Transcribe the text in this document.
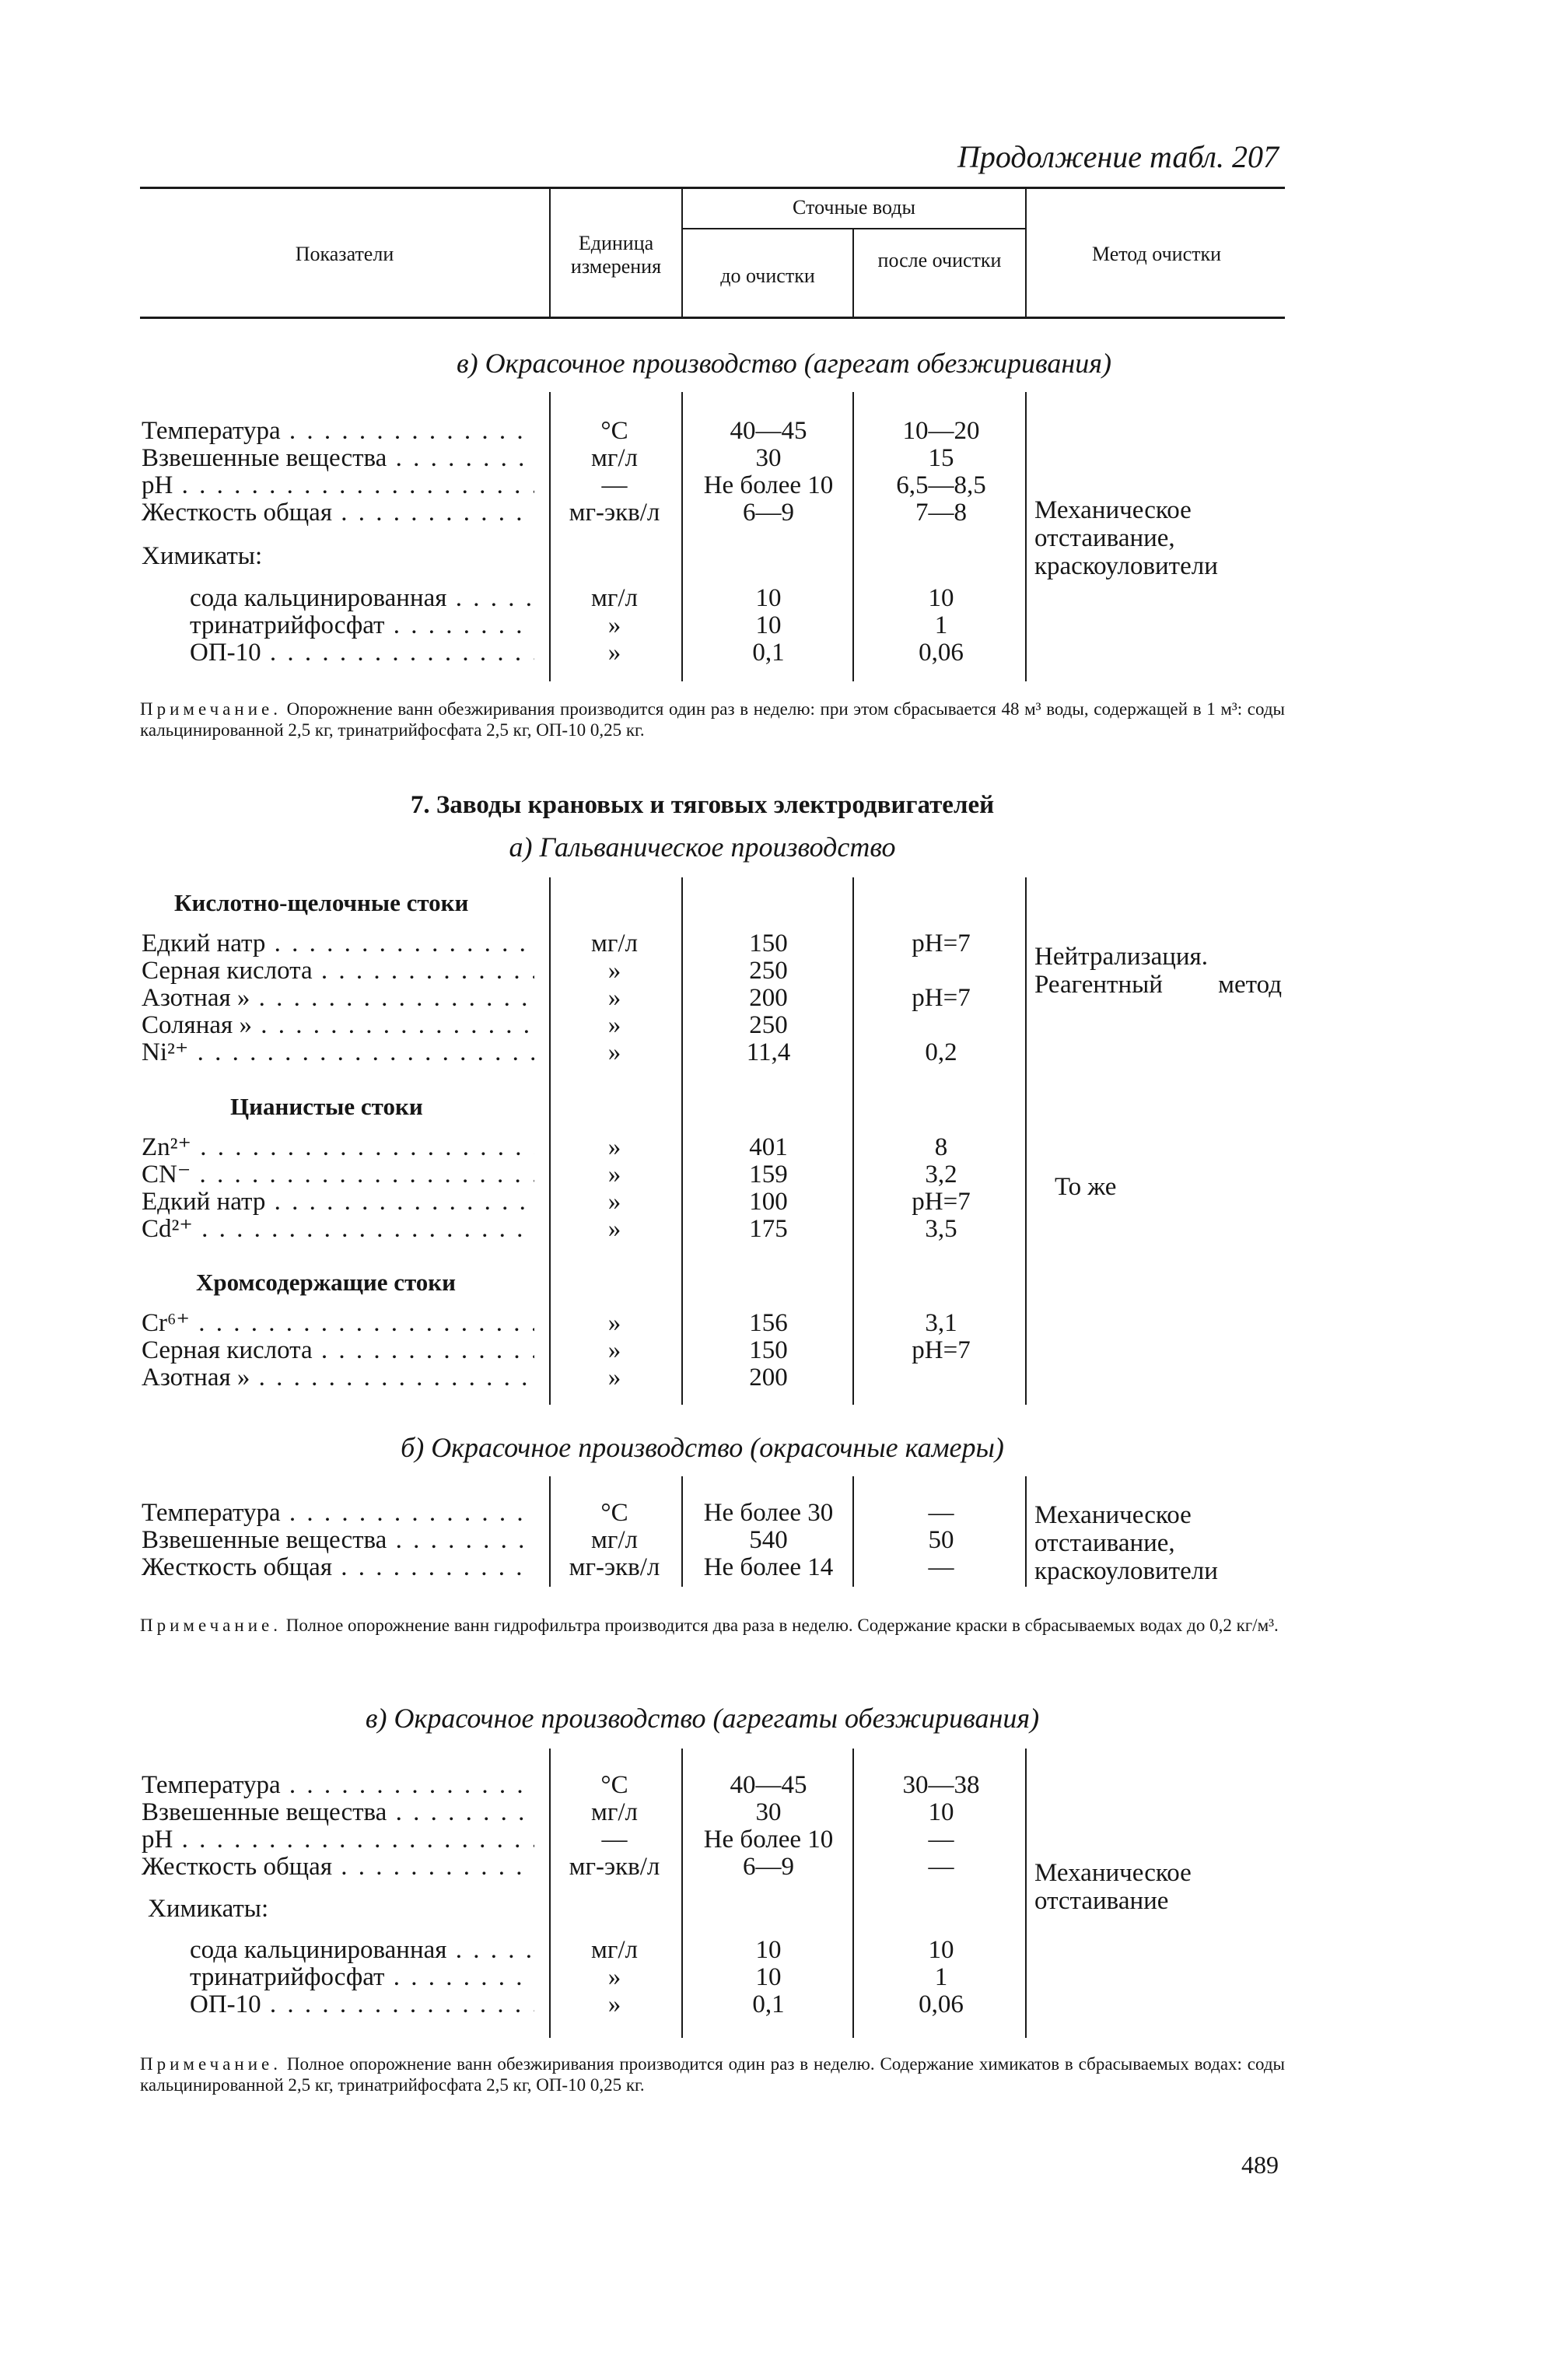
Продолжение табл. 207
Показатели	Единица измерения
Сточные воды
до очистки
после очистки	Метод очистки
в) Окрасочное производство (агрегат обезжиривания)
Температура . . .	°С	40—45	10—20
Взвешенные вещества . . .	мг/л	30	15
pH . . .	—	Не более 10	6,5—8,5
Жесткость общая . . .	мг-экв/л	6—9	7—8
Химикаты:
сода кальцинированная . . .	мг/л	10	10
тринатрийфосфат . . .	»	10	1
ОП-10 . . .	»	0,1	0,06
Механическое отстаивание, краскоуловители
Примечание. Опорожнение ванн обезжиривания производится один раз в неделю: при этом сбрасывается 48 м³ воды, содержащей в 1 м³: соды кальцинированной 2,5 кг, тринатрийфосфата 2,5 кг, ОП-10 0,25 кг.
7. Заводы крановых и тяговых электродвигателей
а) Гальваническое производство
Кислотно-щелочные стоки
Едкий натр . . .	мг/л	150	pH=7
Серная кислота . . .	»	250
Азотная » . . .	»	200	pH=7
Соляная » . . .	»	250
Ni²⁺ . . .	»	11,4	0,2
Нейтрализация. Реагентный метод
Цианистые стоки
Zn²⁺ . . .	»	401	8
CN⁻ . . .	»	159	3,2
Едкий натр . . .	»	100	pH=7
Cd²⁺ . . .	»	175	3,5
То же
Хромсодержащие стоки
Cr⁶⁺ . . .	»	156	3,1
Серная кислота . . .	»	150	pH=7
Азотная » . . .	»	200
б) Окрасочное производство (окрасочные камеры)
Температура . . .	°С	Не более 30	—
Взвешенные вещества . . .	мг/л	540	50
Жесткость общая . . .	мг-экв/л	Не более 14	—
Механическое отстаивание, краскоуловители
Примечание. Полное опорожнение ванн гидрофильтра производится два раза в неделю. Содержание краски в сбрасываемых водах до 0,2 кг/м³.
в) Окрасочное производство (агрегаты обезжиривания)
Температура . . .	°С	40—45	30—38
Взвешенные вещества . . .	мг/л	30	10
pH . . .	—	Не более 10	—
Жесткость общая . . .	мг-экв/л	6—9	—
Химикаты:
сода кальцинированная . . .	мг/л	10	10
тринатрийфосфат . . .	»	10	1
ОП-10 . . .	»	0,1	0,06
Механическое отстаивание
Примечание. Полное опорожнение ванн обезжиривания производится один раз в неделю. Содержание химикатов в сбрасываемых водах: соды кальцинированной 2,5 кг, тринатрийфосфата 2,5 кг, ОП-10 0,25 кг.
489
